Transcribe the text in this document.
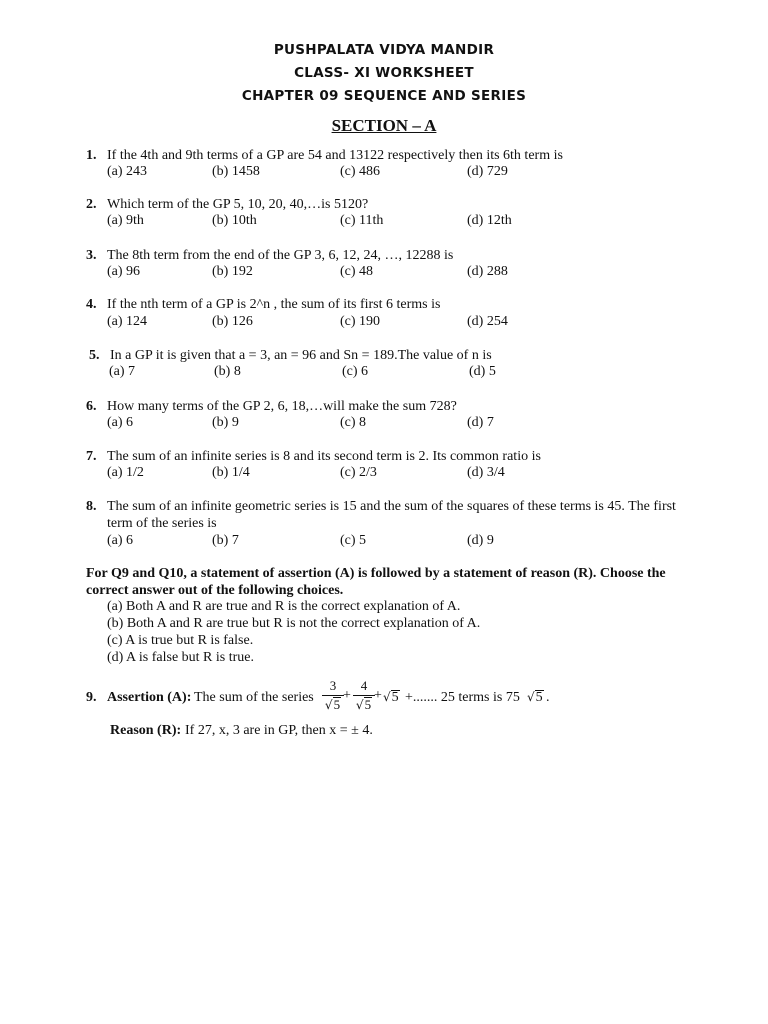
PUSHPALATA VIDYA MANDIR
CLASS- XI WORKSHEET
CHAPTER 09 SEQUENCE AND SERIES
SECTION – A
1. If the 4th and 9th terms of a GP are 54 and 13122 respectively then its 6th term is
(a) 243	(b) 1458	(c) 486	(d) 729
2. Which term of the GP 5, 10, 20, 40,…is 5120?
(a) 9th	(b) 10th	(c) 11th	(d) 12th
3. The 8th term from the end of the GP 3, 6, 12, 24, …, 12288 is
(a) 96	(b) 192	(c) 48	(d) 288
4. If the nth term of a GP is 2^n , the sum of its first 6 terms is
(a) 124	(b) 126	(c) 190	(d) 254
5. In a GP it is given that a = 3, an = 96 and Sn = 189.The value of n is
(a) 7	(b) 8	(c) 6	(d) 5
6. How many terms of the GP 2, 6, 18,…will make the sum 728?
(a) 6	(b) 9	(c) 8	(d) 7
7. The sum of an infinite series is 8 and its second term is 2. Its common ratio is
(a) 1/2	(b) 1/4	(c) 2/3	(d) 3/4
8. The sum of an infinite geometric series is 15 and the sum of the squares of these terms is 45. The first
term of the series is
(a) 6	(b) 7	(c) 5	(d) 9
For Q9 and Q10, a statement of assertion (A) is followed by a statement of reason (R). Choose the
correct answer out of the following choices.
(a) Both A and R are true and R is the correct explanation of A.
(b) Both A and R are true but R is not the correct explanation of A.
(c) A is true but R is false.
(d) A is false but R is true.
9. Assertion (A): The sum of the series
3
√5
+
4
√5
+ √5 +....... 25 terms is 75 √5 .
Reason (R): If 27, x, 3 are in GP, then x = ± 4.
